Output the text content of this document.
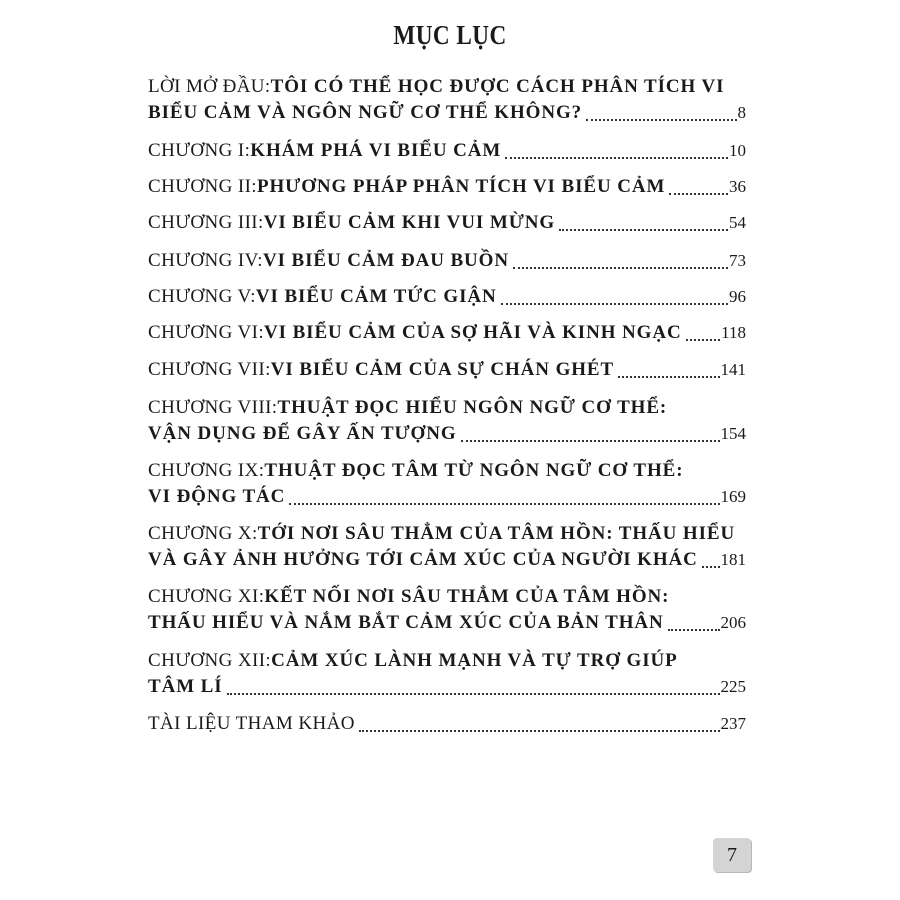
MỤC LỤC
LỜI MỞ ĐẦU: TÔI CÓ THỂ HỌC ĐƯỢC CÁCH PHÂN TÍCH VI
BIỂU CẢM VÀ NGÔN NGỮ CƠ THỂ KHÔNG?	8
CHƯƠNG I: KHÁM PHÁ VI BIỂU CẢM	10
CHƯƠNG II: PHƯƠNG PHÁP PHÂN TÍCH VI BIỂU CẢM	36
CHƯƠNG III: VI BIỂU CẢM KHI VUI MỪNG	54
CHƯƠNG IV: VI BIỂU CẢM ĐAU BUỒN	73
CHƯƠNG V: VI BIỂU CẢM TỨC GIẬN	96
CHƯƠNG VI: VI BIỂU CẢM CỦA SỢ HÃI VÀ KINH NGẠC 118
CHƯƠNG VII: VI BIỂU CẢM CỦA SỰ CHÁN GHÉT	141
CHƯƠNG VIII: THUẬT ĐỌC HIỂU NGÔN NGỮ CƠ THỂ:
VẬN DỤNG ĐỂ GÂY ẤN TƯỢNG	154
CHƯƠNG IX: THUẬT ĐỌC TÂM TỪ NGÔN NGỮ CƠ THỂ:
VI ĐỘNG TÁC	169
CHƯƠNG X: TỚI NƠI SÂU THẲM CỦA TÂM HỒN: THẤU HIỂU
VÀ GÂY ẢNH HƯỞNG TỚI CẢM XÚC CỦA NGƯỜI KHÁC 181
CHƯƠNG XI: KẾT NỐI NƠI SÂU THẲM CỦA TÂM HỒN:
THẤU HIỂU VÀ NẮM BẮT CẢM XÚC CỦA BẢN THÂN	206
CHƯƠNG XII: CẢM XÚC LÀNH MẠNH VÀ TỰ TRỢ GIÚP
TÂM LÍ	225
TÀI LIỆU THAM KHẢO	237
7
